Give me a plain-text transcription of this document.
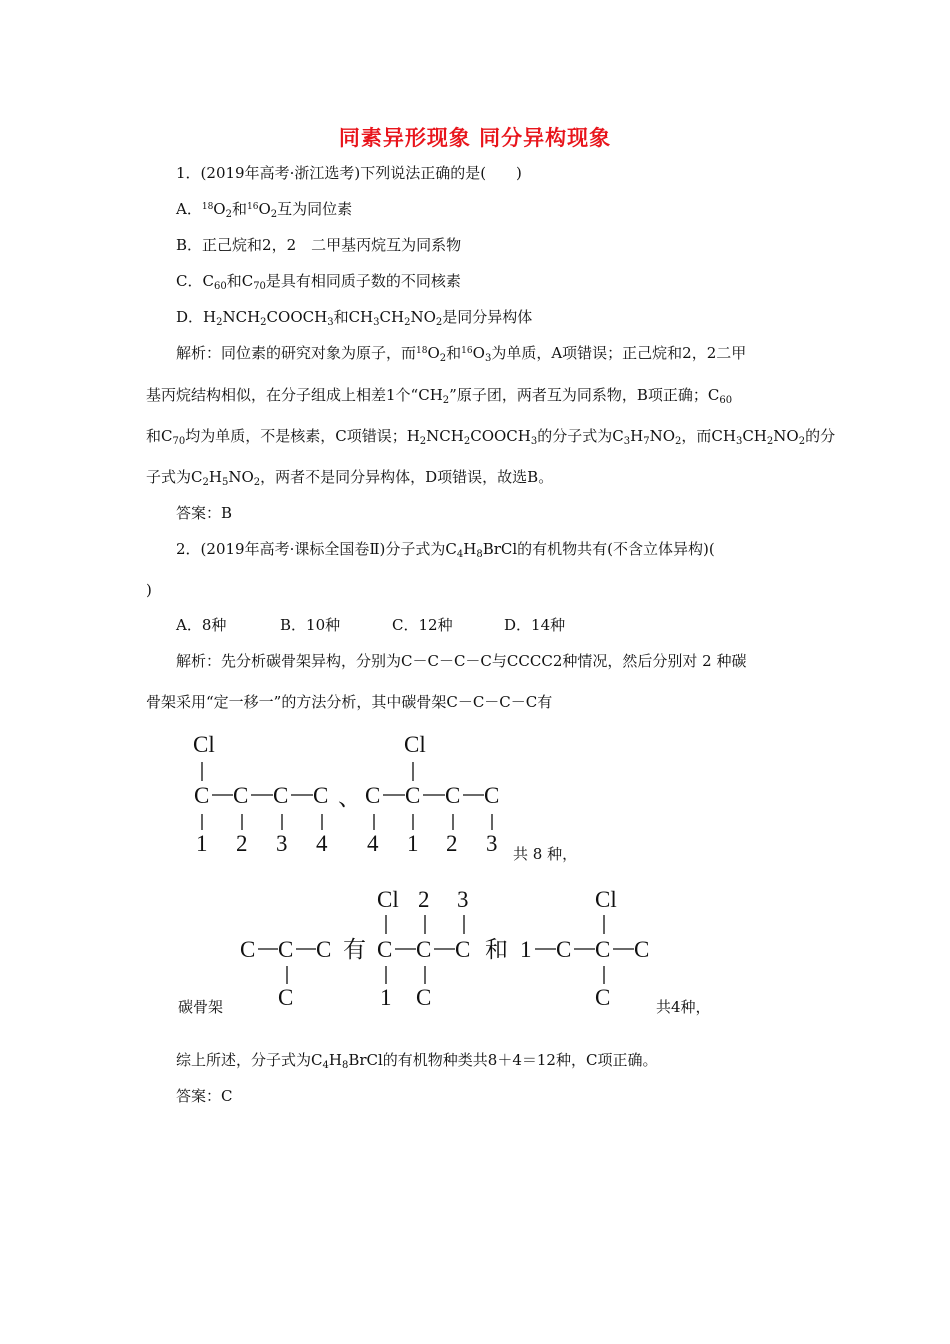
同素异形现象 同分异构现象
1．(2019年高考·浙江选考)下列说法正确的是(　　)
A．$^{18}O_2$和$^{16}O_2$互为同位素
B．正己烷和2，2　二甲基丙烷互为同系物
C．$C_{60}$和$C_{70}$是具有相同质子数的不同核素
D．$H_2NCH_2COOCH_3$和$CH_3CH_2NO_2$是同分异构体
解析：同位素的研究对象为原子，而$^{18}O_2$和$^{16}O_3$为单质，A项错误；正己烷和2，2二甲
基丙烷结构相似，在分子组成上相差1个“$CH_2$”原子团，两者互为同系物，B项正确；$C_{60}$
和$C_{70}$均为单质，不是核素，C项错误；$H_2NCH_2COOCH_3$的分子式为$C_3H_7NO_2$，而$CH_3CH_2NO_2$的分
子式为$C_2H_5NO_2$，两者不是同分异构体，D项错误，故选B。
答案：B
2．(2019年高考·课标全国卷Ⅱ)分子式为$C_4H_8BrCl$的有机物共有(不含立体异构)(
)
A．8种	B．10种	C．12种	D．14种
解析：先分析碳骨架异构，分别为C－C－C－C与CCCC2种情况，然后分别对 2 种碳
骨架采用“定一移一”的方法分析，其中碳骨架C－C－C－C有
Cl
C C C C
1 2 3 4
、
Cl
C C C C
4 1 2 3
C C C
C
有
Cl 2 3
C C C
1 C
和 1 C C C
Cl
C
共 8 种，
碳骨架	共4种，
综上所述，分子式为$C_4H_8BrCl$的有机物种类共8＋4＝12种，C项正确。
答案：C
